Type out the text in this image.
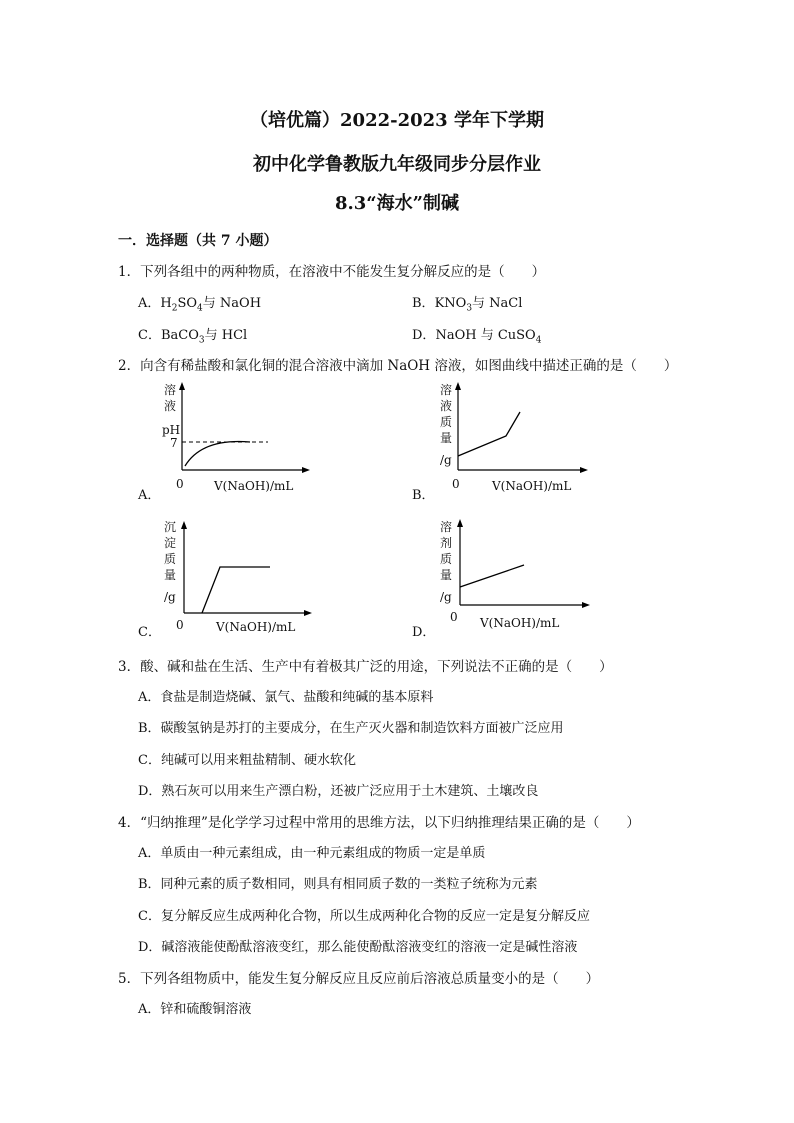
（培优篇）2022-2023 学年下学期
初中化学鲁教版九年级同步分层作业
8.3“海水”制碱
一．选择题（共 7 小题）
1．下列各组中的两种物质，在溶液中不能发生复分解反应的是（　　）
A．$H_2SO_4$与 NaOH	B．$KNO_3$与 NaCl
C．BaCO$_3$与 HCl	D．NaOH 与 CuSO$_4$
2．向含有稀盐酸和氯化铜的混合溶液中滴加 NaOH 溶液，如图曲线中描述正确的是（　　）
A．
溶
液
pH
7
0	V(NaOH)/mL
B．
溶
液
质
量
/g
0	V(NaOH)/mL
C．
沉
淀
质
量
/g
0	V(NaOH)/mL	D．
溶
剂
质
量
/g
0 V(NaOH)/mL
3．酸、碱和盐在生活、生产中有着极其广泛的用途，下列说法不正确的是（　　）
A．食盐是制造烧碱、氯气、盐酸和纯碱的基本原料
B．碳酸氢钠是苏打的主要成分，在生产灭火器和制造饮料方面被广泛应用
C．纯碱可以用来粗盐精制、硬水软化
D．熟石灰可以用来生产漂白粉，还被广泛应用于土木建筑、土壤改良
4．“归纳推理”是化学学习过程中常用的思维方法，以下归纳推理结果正确的是（　　）
A．单质由一种元素组成，由一种元素组成的物质一定是单质
B．同种元素的质子数相同，则具有相同质子数的一类粒子统称为元素
C．复分解反应生成两种化合物，所以生成两种化合物的反应一定是复分解反应
D．碱溶液能使酚酞溶液变红，那么能使酚酞溶液变红的溶液一定是碱性溶液
5．下列各组物质中，能发生复分解反应且反应前后溶液总质量变小的是（　　）
A．锌和硫酸铜溶液
